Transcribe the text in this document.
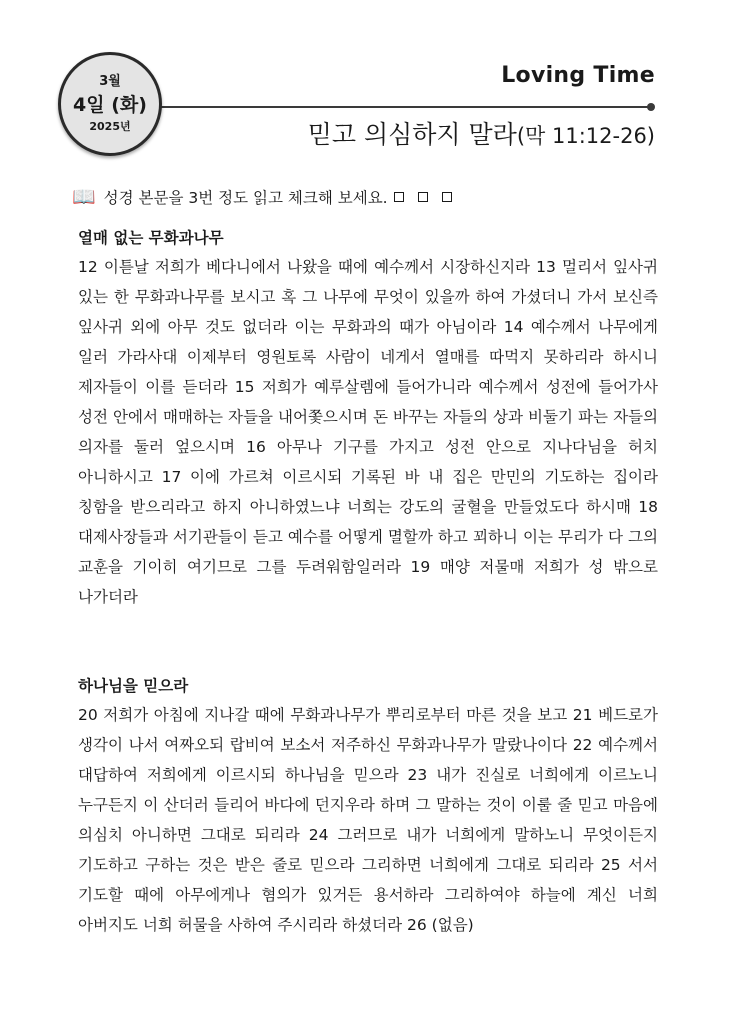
3월
4일 (화)
2025년
Loving Time
믿고 의심하지 말라(막 11:12-26)
📖 성경 본문을 3번 정도 읽고 체크해 보세요.
열매 없는 무화과나무

12 이튿날 저희가 베다니에서 나왔을 때에 예수께서 시장하신지라 13 멀리서 잎사귀 있는 한 무화과나무를 보시고 혹 그 나무에 무엇이 있을까 하여 가셨더니 가서 보신즉 잎사귀 외에 아무 것도 없더라 이는 무화과의 때가 아님이라 14 예수께서 나무에게 일러 가라사대 이제부터 영원토록 사람이 네게서 열매를 따먹지 못하리라 하시니 제자들이 이를 듣더라 15 저희가 예루살렘에 들어가니라 예수께서 성전에 들어가사 성전 안에서 매매하는 자들을 내어쫓으시며 돈 바꾸는 자들의 상과 비둘기 파는 자들의 의자를 둘러 엎으시며 16 아무나 기구를 가지고 성전 안으로 지나다님을 허치 아니하시고 17 이에 가르쳐 이르시되 기록된 바 내 집은 만민의 기도하는 집이라 칭함을 받으리라고 하지 아니하였느냐 너희는 강도의 굴혈을 만들었도다 하시매 18 대제사장들과 서기관들이 듣고 예수를 어떻게 멸할까 하고 꾀하니 이는 무리가 다 그의 교훈을 기이히 여기므로 그를 두려워함일러라 19 매양 저물매 저희가 성 밖으로 나가더라

하나님을 믿으라

20 저희가 아침에 지나갈 때에 무화과나무가 뿌리로부터 마른 것을 보고 21 베드로가 생각이 나서 여짜오되 랍비여 보소서 저주하신 무화과나무가 말랐나이다 22 예수께서 대답하여 저희에게 이르시되 하나님을 믿으라 23 내가 진실로 너희에게 이르노니 누구든지 이 산더러 들리어 바다에 던지우라 하며 그 말하는 것이 이룰 줄 믿고 마음에 의심치 아니하면 그대로 되리라 24 그러므로 내가 너희에게 말하노니 무엇이든지 기도하고 구하는 것은 받은 줄로 믿으라 그리하면 너희에게 그대로 되리라 25 서서 기도할 때에 아무에게나 혐의가 있거든 용서하라 그리하여야 하늘에 계신 너희 아버지도 너희 허물을 사하여 주시리라 하셨더라 26 (없음)
